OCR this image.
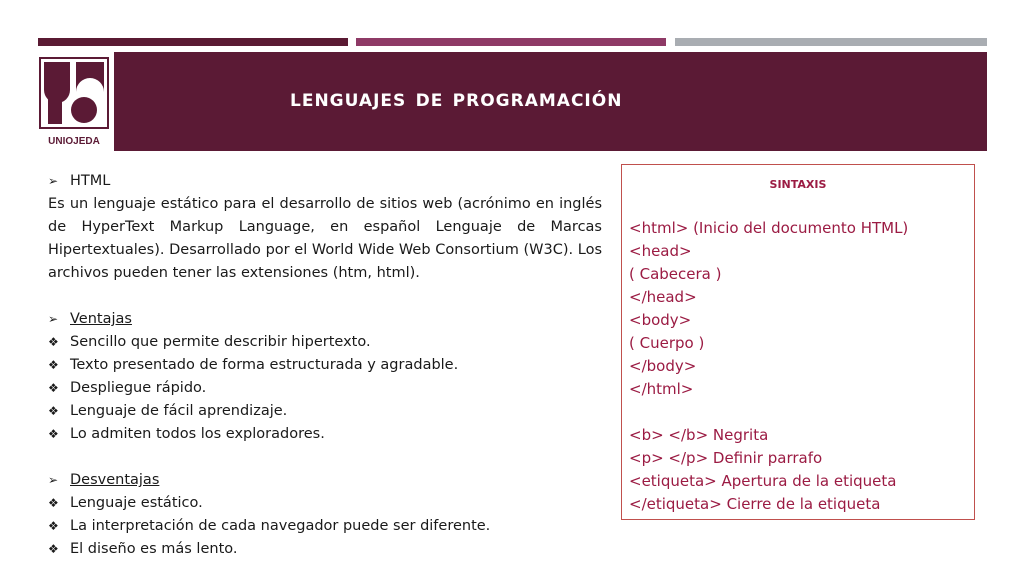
UNIOJEDA
lenguajes de programación
➢ HTML

Es un lenguaje estático para el desarrollo de sitios web (acrónimo en inglés de HyperText Markup Language, en español Lenguaje de Marcas Hipertextuales). Desarrollado por el World Wide Web Consortium (W3C). Los archivos pueden tener las extensiones (htm, html).

➢ Ventajas
❖ Sencillo que permite describir hipertexto.
❖ Texto presentado de forma estructurada y agradable.
❖ Despliegue rápido.
❖ Lenguaje de fácil aprendizaje.
❖ Lo admiten todos los exploradores.
➢ Desventajas
❖ Lenguaje estático.
❖ La interpretación de cada navegador puede ser diferente.
❖ El diseño es más lento.
sintaxis
<html> (Inicio del documento HTML)
<head>
( Cabecera )
</head>
<body>
( Cuerpo )
</body>
</html>
<b> </b> Negrita
<p> </p> Definir parrafo
<etiqueta> Apertura de la etiqueta
</etiqueta> Cierre de la etiqueta
